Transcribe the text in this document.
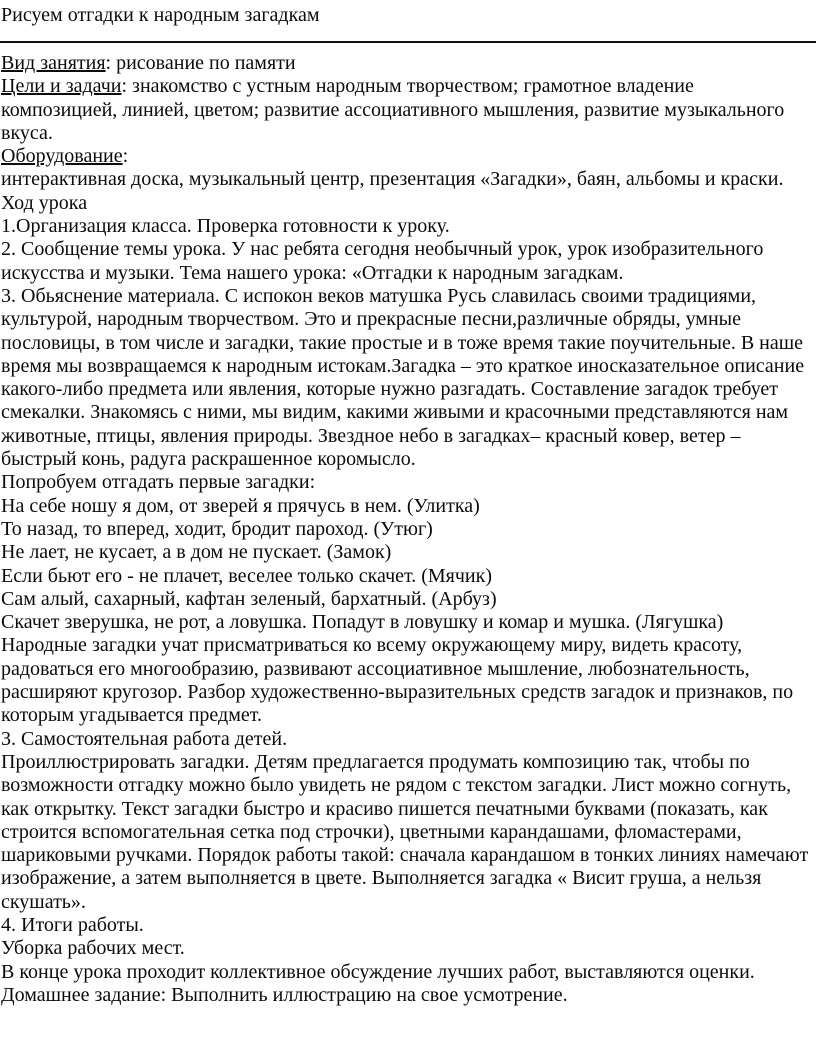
Рисуем отгадки к народным загадкам

Вид занятия: рисование по памяти

Цели и задачи: знакомство с устным народным творчеством; грамотное владение композицией, линией, цветом; развитие ассоциативного мышления, развитие музыкального вкуса.

Оборудование:

интерактивная доска, музыкальный центр, презентация «Загадки», баян, альбомы и краски.

Ход урока

1.Организация класса. Проверка готовности к уроку.

2. Сообщение темы урока. У нас ребята сегодня необычный урок, урок изобразительного искусства и музыки. Тема нашего урока: «Отгадки к народным загадкам.

3. Обьяснение материала. С испокон веков матушка Русь славилась своими традициями, культурой, народным творчеством. Это и прекрасные песни,различные обряды, умные пословицы, в том числе и загадки, такие простые и в тоже время такие поучительные. В наше время мы возвращаемся к народным истокам.Загадка – это краткое иносказательное описание какого-либо предмета или явления, которые нужно разгадать. Составление загадок требует смекалки. Знакомясь с ними, мы видим, какими живыми и красочными представляются нам животные, птицы, явления природы. Звездное небо в загадках– красный ковер, ветер – быстрый конь, радуга раскрашенное коромысло.

Попробуем отгадать первые загадки:

На себе ношу я дом, от зверей я прячусь в нем. (Улитка)

То назад, то вперед, ходит, бродит пароход. (Утюг)

Не лает, не кусает, а в дом не пускает. (Замок)

Если бьют его - не плачет, веселее только скачет. (Мячик)

Сам алый, сахарный, кафтан зеленый, бархатный. (Арбуз)

Скачет зверушка, не рот, а ловушка. Попадут в ловушку и комар и мушка. (Лягушка)

Народные загадки учат присматриваться ко всему окружающему миру, видеть красоту, радоваться его многообразию, развивают ассоциативное мышление, любознательность, расширяют кругозор. Разбор художественно-выразительных средств загадок и признаков, по которым угадывается предмет.

3. Самостоятельная работа детей.

Проиллюстрировать загадки. Детям предлагается продумать композицию так, чтобы по возможности отгадку можно было увидеть не рядом с текстом загадки. Лист можно согнуть, как открытку. Текст загадки быстро и красиво пишется печатными буквами (показать, как строится вспомогательная сетка под строчки), цветными карандашами, фломастерами, шариковыми ручками. Порядок работы такой: сначала карандашом в тонких линиях намечают изображение, а затем выполняется в цвете. Выполняется загадка « Висит груша, а нельзя скушать».

4. Итоги работы.

Уборка рабочих мест.

В конце урока проходит коллективное обсуждение лучших работ, выставляются оценки.

Домашнее задание: Выполнить иллюстрацию на свое усмотрение.
